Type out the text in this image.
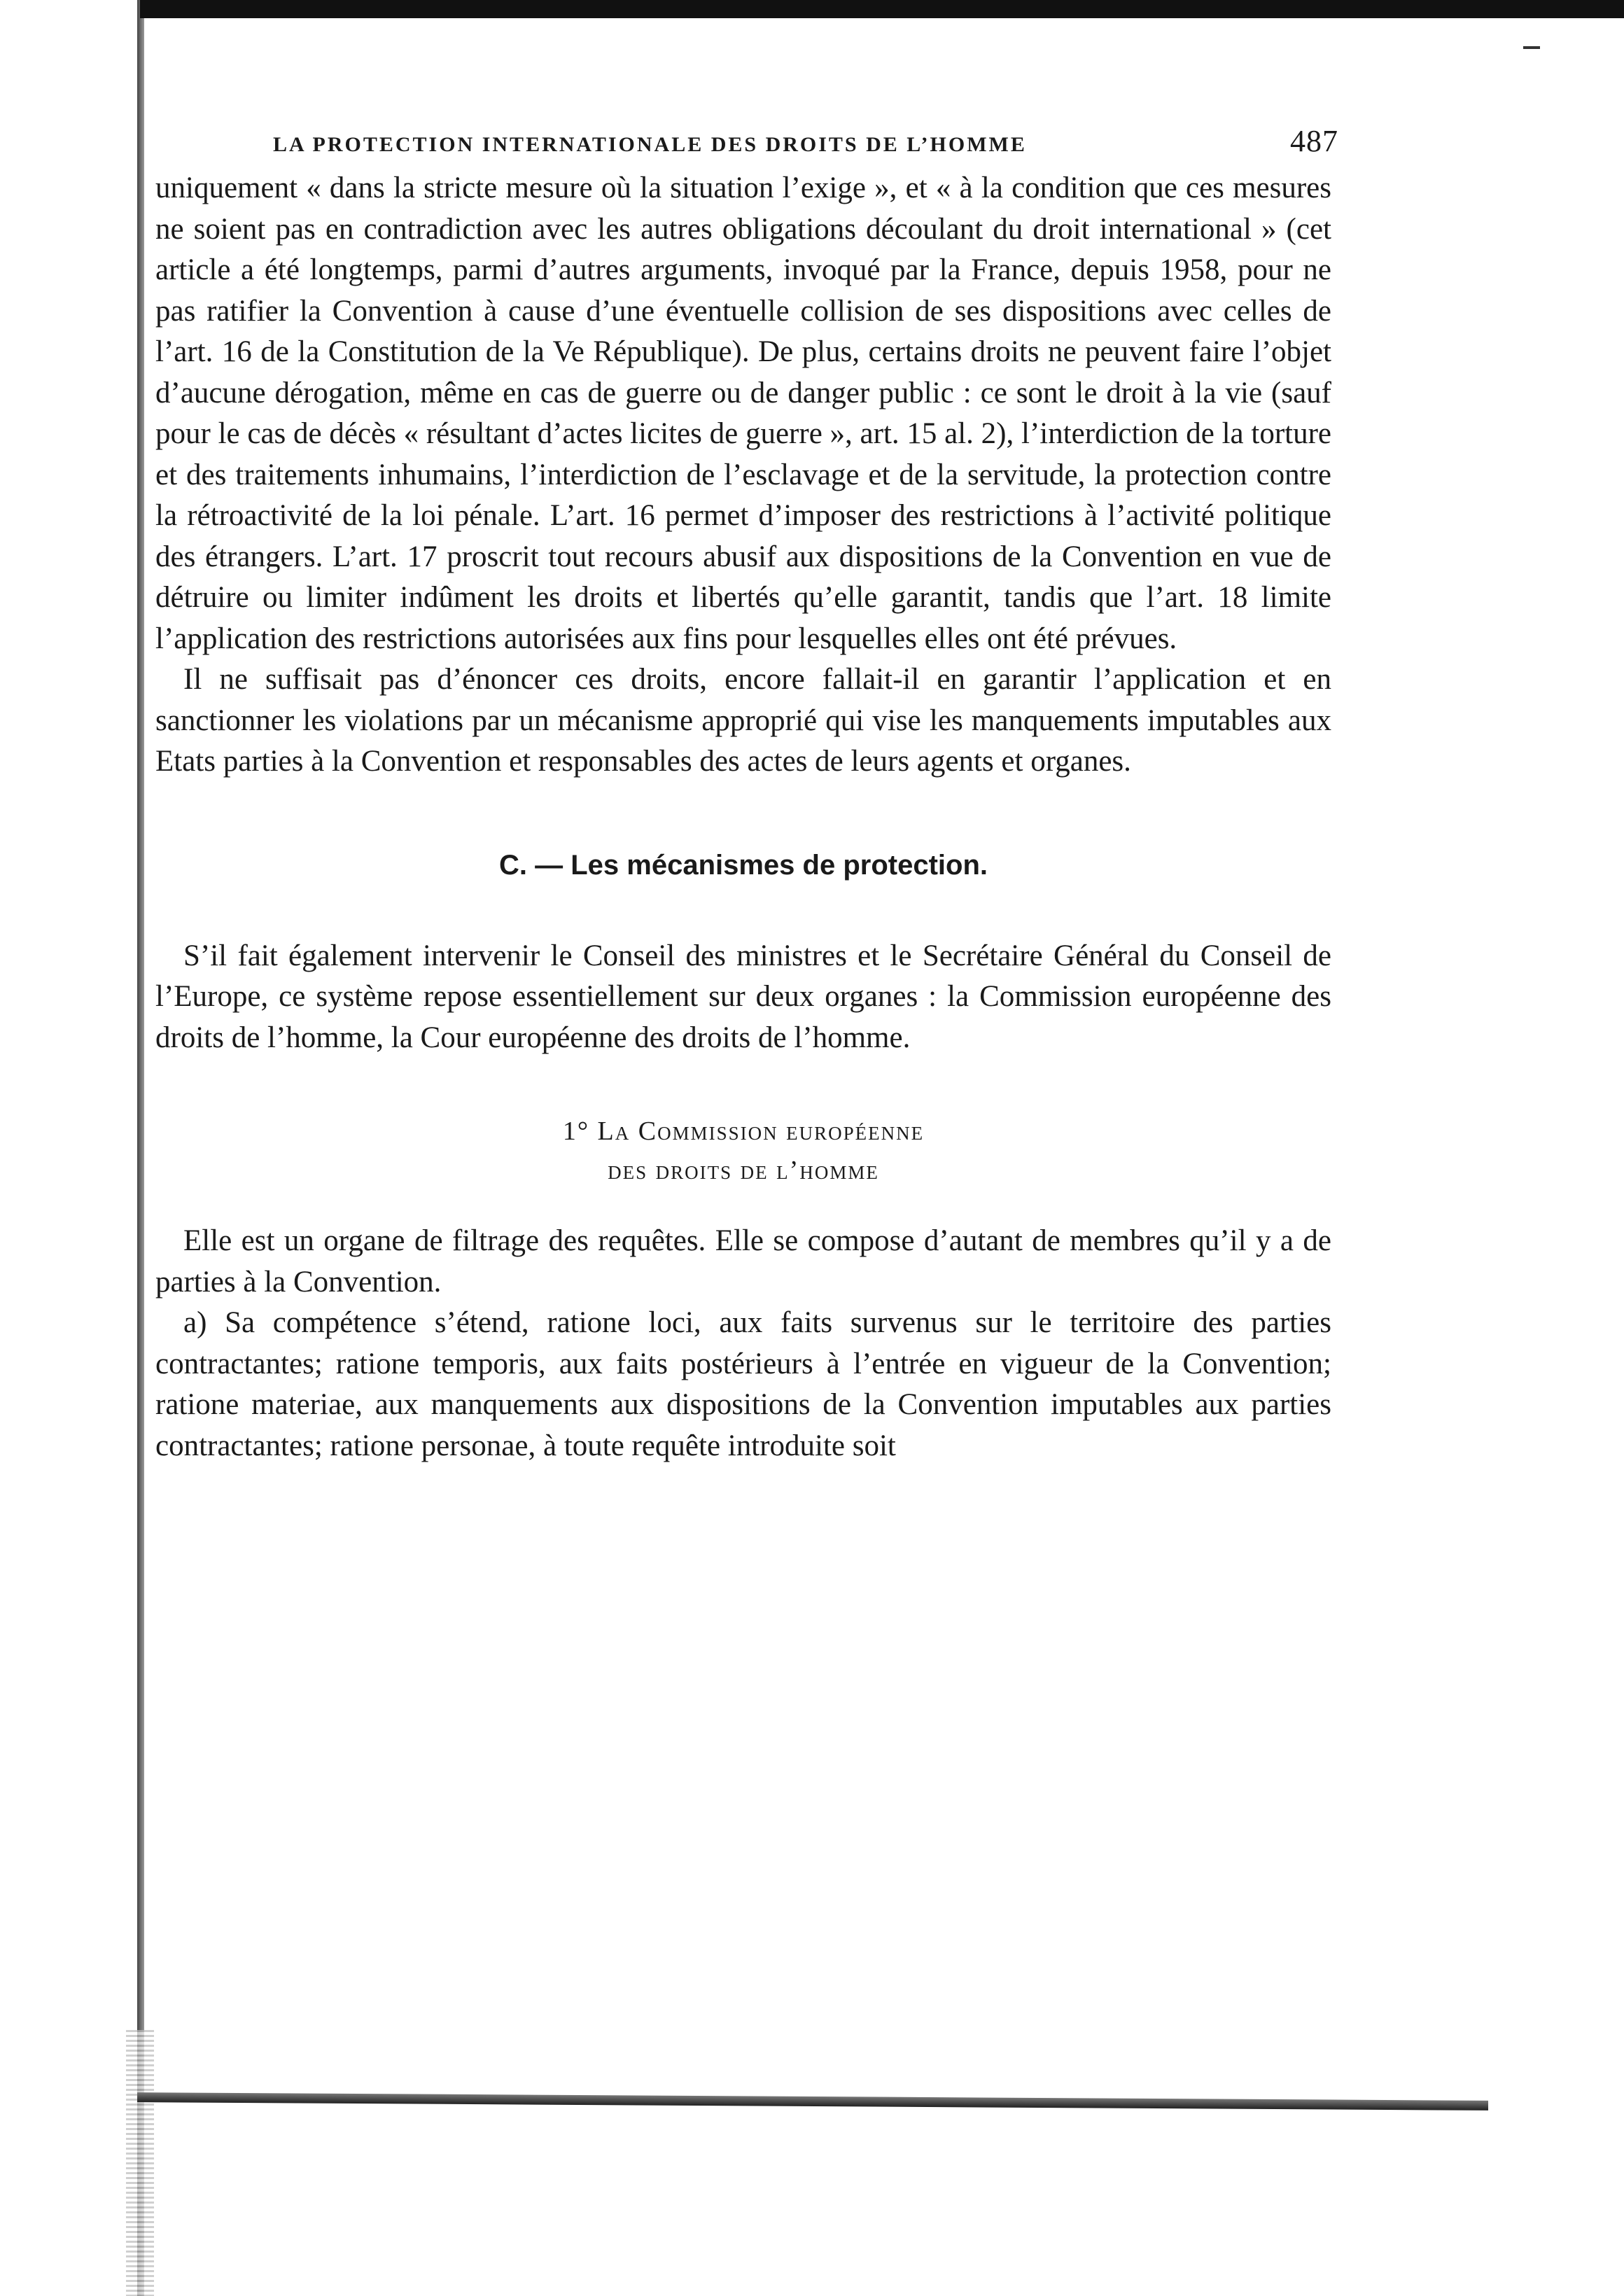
LA PROTECTION INTERNATIONALE DES DROITS DE L’HOMME	487

uniquement « dans la stricte mesure où la situation l’exige », et « à la condition que ces mesures ne soient pas en contradiction avec les autres obligations découlant du droit international » (cet article a été longtemps, parmi d’autres arguments, invoqué par la France, depuis 1958, pour ne pas ratifier la Convention à cause d’une éventuelle collision de ses dispositions avec celles de l’art. 16 de la Constitution de la Ve République). De plus, certains droits ne peuvent faire l’objet d’aucune dérogation, même en cas de guerre ou de danger public : ce sont le droit à la vie (sauf pour le cas de décès « résultant d’actes licites de guerre », art. 15 al. 2), l’interdiction de la torture et des traitements inhumains, l’interdiction de l’esclavage et de la servitude, la protection contre la rétroactivité de la loi pénale. L’art. 16 permet d’imposer des restrictions à l’activité politique des étrangers. L’art. 17 proscrit tout recours abusif aux dispositions de la Convention en vue de détruire ou limiter indûment les droits et libertés qu’elle garantit, tandis que l’art. 18 limite l’application des restrictions autorisées aux fins pour lesquelles elles ont été prévues.

Il ne suffisait pas d’énoncer ces droits, encore fallait-il en garantir l’application et en sanctionner les violations par un mécanisme approprié qui vise les manquements imputables aux Etats parties à la Convention et responsables des actes de leurs agents et organes.

C. — Les mécanismes de protection.

S’il fait également intervenir le Conseil des ministres et le Secrétaire Général du Conseil de l’Europe, ce système repose essentiellement sur deux organes : la Commission européenne des droits de l’homme, la Cour européenne des droits de l’homme.

1° La Commission européenne
des droits de l’homme

Elle est un organe de filtrage des requêtes. Elle se compose d’autant de membres qu’il y a de parties à la Convention.

a) Sa compétence s’étend, ratione loci, aux faits survenus sur le territoire des parties contractantes; ratione temporis, aux faits postérieurs à l’entrée en vigueur de la Convention; ratione materiae, aux manquements aux dispositions de la Convention imputables aux parties contractantes; ratione personae, à toute requête introduite soit
